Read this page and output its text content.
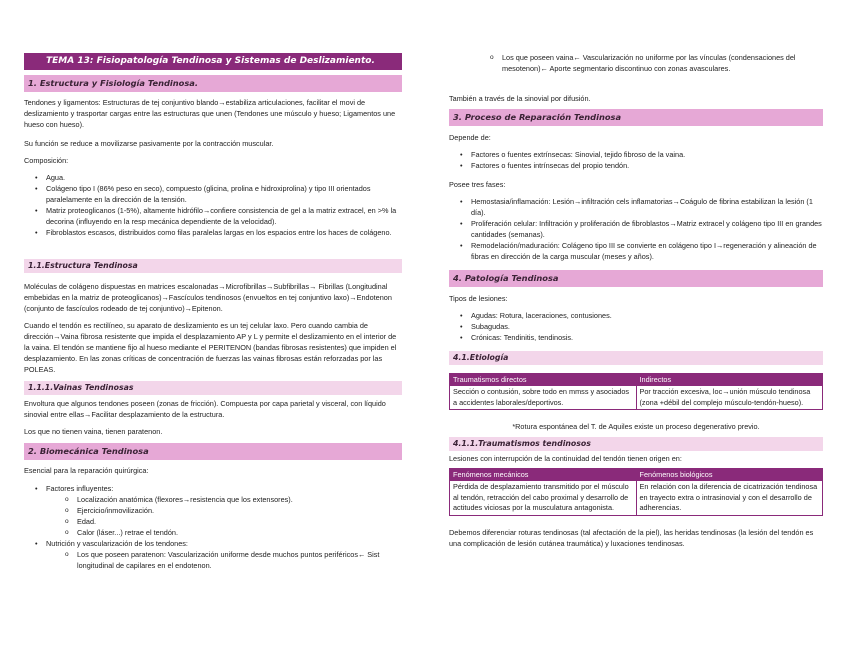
TEMA 13: Fisiopatología Tendinosa y Sistemas de Deslizamiento.
1. Estructura y Fisiología Tendinosa.

Tendones y ligamentos: Estructuras de tej conjuntivo blando→estabiliza articulaciones, facilitar el movi de deslizamiento y trasportar cargas entre las estructuras que unen (Tendones une músculo y hueso; Ligamentos une hueso con hueso).

Su función se reduce a movilizarse pasivamente por la contracción muscular.

Composición:

• Agua.
• Colágeno tipo I (86% peso en seco), compuesto (glicina, prolina e hidroxiprolina) y tipo III orientados paralelamente en la dirección de la tensión.
• Matriz proteoglicanos (1-5%), altamente hidrófilo→confiere consistencia de gel a la matriz extracel, en >% la decorina (influyendo en la resp mecánica dependiente de la velocidad).
• Fibroblastos escasos, distribuidos como filas paralelas largas en los espacios entre los haces de colágeno.
1.1.Estructura Tendinosa

Moléculas de colágeno dispuestas en matrices escalonadas→Microfibrillas→Subfibrillas→ Fibrillas (Longitudinal embebidas en la matriz de proteoglicanos)→Fascículos tendinosos (envueltos en tej conjuntivo laxo)→Endotenon (conjunto de fascículos rodeado de tej conjuntivo)→Epitenon.

Cuando el tendón es rectilíneo, su aparato de deslizamiento es un tej celular laxo. Pero cuando cambia de dirección→Vaina fibrosa resistente que impida el desplazamiento AP y L y permite el deslizamiento en el interior de la vaina. El tendón se mantiene fijo al hueso mediante el PERITENON (bandas fibrosas resistentes) que impiden el desplazamiento. En las zonas críticas de concentración de fuerzas las vainas fibrosas están reforzadas por las POLEAS.

1.1.1.Vainas Tendinosas

Envoltura que algunos tendones poseen (zonas de fricción). Compuesta por capa parietal y visceral, con líquido sinovial entre ellas→Facilitar desplazamiento de la estructura.

Los que no tienen vaina, tienen paratenon.

2. Biomecánica Tendinosa

Esencial para la reparación quirúrgica:

• Factores influyentes:
o Localización anatómica (flexores→resistencia que los extensores).
o Ejercicio/inmovilización.
o Edad.
o Calor (láser...) retrae el tendón.
• Nutrición y vascularización de los tendones:
o Los que poseen paratenon: Vascularización uniforme desde muchos puntos periféricos← Sist longitudinal de capilares en el endotenon.
o Los que poseen vaina← Vascularización no uniforme por las vínculas (condensaciones del mesotenon)← Aporte segmentario discontinuo con zonas avasculares.

También a través de la sinovial por difusión.

3. Proceso de Reparación Tendinosa

Depende de:

• Factores o fuentes extrínsecas: Sinovial, tejido fibroso de la vaina.
• Factores o fuentes intrínsecas del propio tendón.

Posee tres fases:

• Hemostasia/inflamación: Lesión→infiltración cels inflamatorias→Coágulo de fibrina estabilizan la lesión (1 día).
• Proliferación celular: Infiltración y proliferación de fibroblastos→Matriz extracel y colágeno tipo III en grandes cantidades (semanas).
• Remodelación/maduración: Colágeno tipo III se convierte en colágeno tipo I→regeneración y alineación de fibras en dirección de la carga muscular (meses y años).
4. Patología Tendinosa

Tipos de lesiones:

• Agudas: Rotura, laceraciones, contusiones.
• Subagudas.
• Crónicas: Tendinitis, tendinosis.
4.1.Etiología
Traumatismos directos	Indirectos
Sección o contusión, sobre todo en mmss y asociados a accidentes laborales/deportivos.	Por tracción excesiva, loc→unión músculo tendinosa (zona +débil del complejo músculo-tendón-hueso).

*Rotura espontánea del T. de Aquiles existe un proceso degenerativo previo.

4.1.1.Traumatismos tendinosos

Lesiones con interrupción de la continuidad del tendón tienen origen en:

Fenómenos mecánicos	Fenómenos biológicos
Pérdida de desplazamiento transmitido por el músculo al tendón, retracción del cabo proximal y desarrollo de actitudes viciosas por la musculatura antagonista.	En relación con la diferencia de cicatrización tendinosa en trayecto extra o intrasinovial y con el desarrollo de adherencias.

Debemos diferenciar roturas tendinosas (tal afectación de la piel), las heridas tendinosas (la lesión del tendón es una complicación de lesión cutánea traumática) y luxaciones tendinosas.
